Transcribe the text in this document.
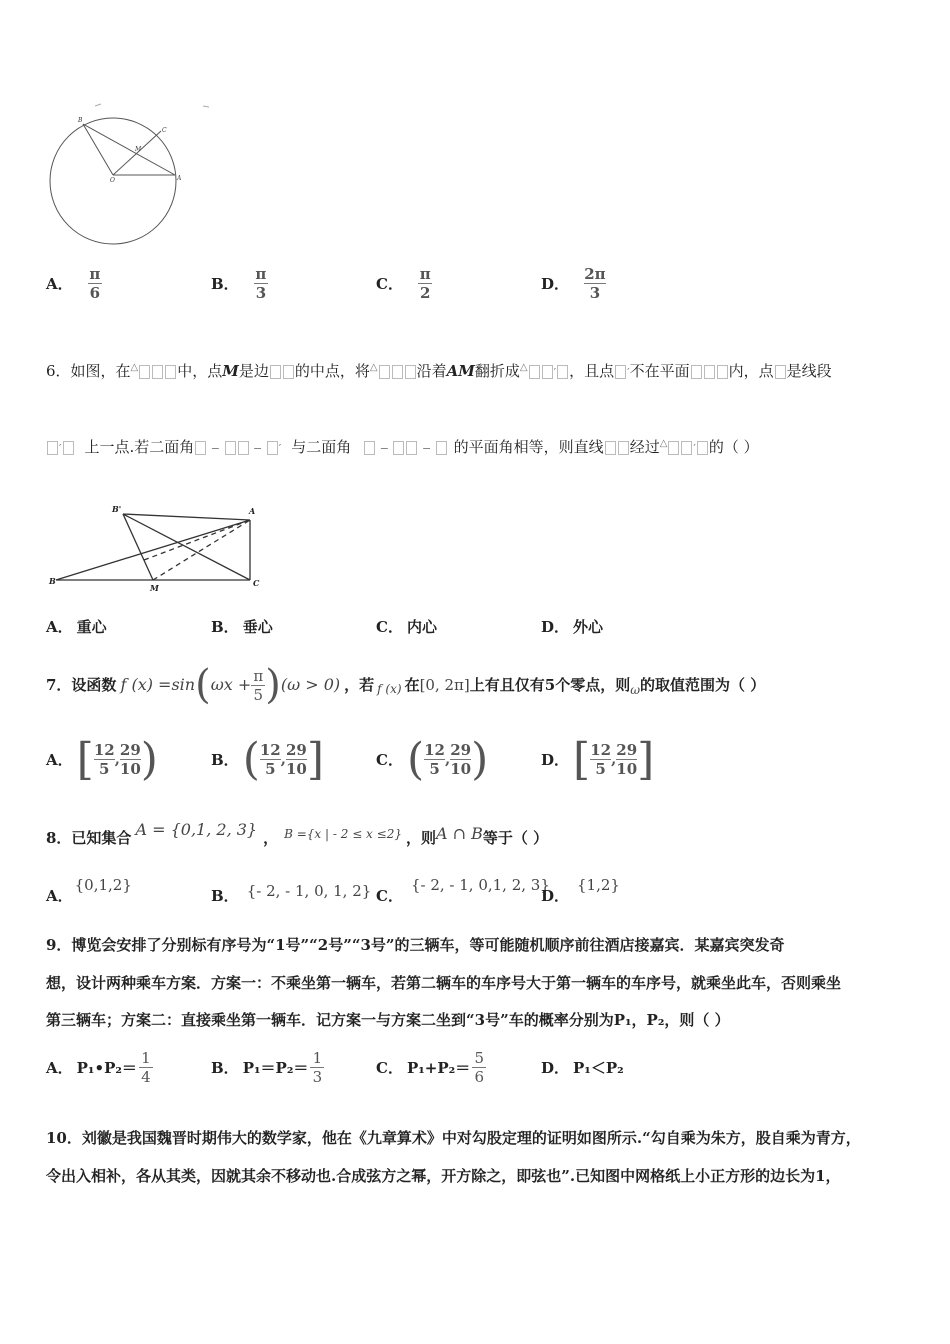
B
C
M
O	A
A． $\frac{\pi}{6}$	B． $\frac{\pi}{3}$	C． $\frac{\pi}{2}$	D． $\frac{2\pi}{3}$
6．如图，在△	中，点M是边 的中点，将△	沿着AM翻折成△ ′ ，且点 ′不在平面	内，点 是线段
′ 上一点.若二面角 −  − ′ 与二面角 −  − 的平面角相等，则直线 经过△ ′ 的（ ）
B'	A
B
M	C
A． 重心	B． 垂心	C． 内心	D． 外心
7．设函数 f (x) =sin ( $\omega x + \frac{\pi}{5}$ ) (ω > 0) ，若 f (x) 在 [0, 2π] 上有且仅有 5 个零点，则 ω 的取值范围为（ ）
A． [ $\frac{12}{5}$ , $\frac{29}{10}$ )	B． ( $\frac{12}{5}$ , $\frac{29}{10}$ ]	C． ( $\frac{12}{5}$ , $\frac{29}{10}$ )	D． [ $\frac{12}{5}$ , $\frac{29}{10}$ ]
8．已知集合 A = {0,1, 2, 3} ， B ={x | - 2 ≤ x ≤2} ，则 A ∩ B 等于（ ）
A．
{0,1,2}
B． {- 2, - 1, 0, 1, 2} C．
{- 2, - 1, 0,1, 2, 3}
D．
{1,2}
9．博览会安排了分别标有序号为“1号”“2号”“3号”的三辆车，等可能随机顺序前往酒店接嘉宾．某嘉宾突发奇
想，设计两种乘车方案．方案一：不乘坐第一辆车，若第二辆车的车序号大于第一辆车的车序号，就乘坐此车，否则乘坐
第三辆车；方案二：直接乘坐第一辆车．记方案一与方案二坐到“3号”车的概率分别为P₁，P₂，则（ ）
A． P₁•P₂＝ $\frac{1}{4}$	B． $P_1=P_2= \frac{1}{3}$	C． $P_1+P_2= \frac{5}{6}$	D． P₁＜P₂
10．刘徽是我国魏晋时期伟大的数学家，他在《九章算术》中对勾股定理的证明如图所示.“勾自乘为朱方，股自乘为青方，
令出入相补，各从其类，因就其余不移动也.合成弦方之幂，开方除之，即弦也”.已知图中网格纸上小正方形的边长为1，
